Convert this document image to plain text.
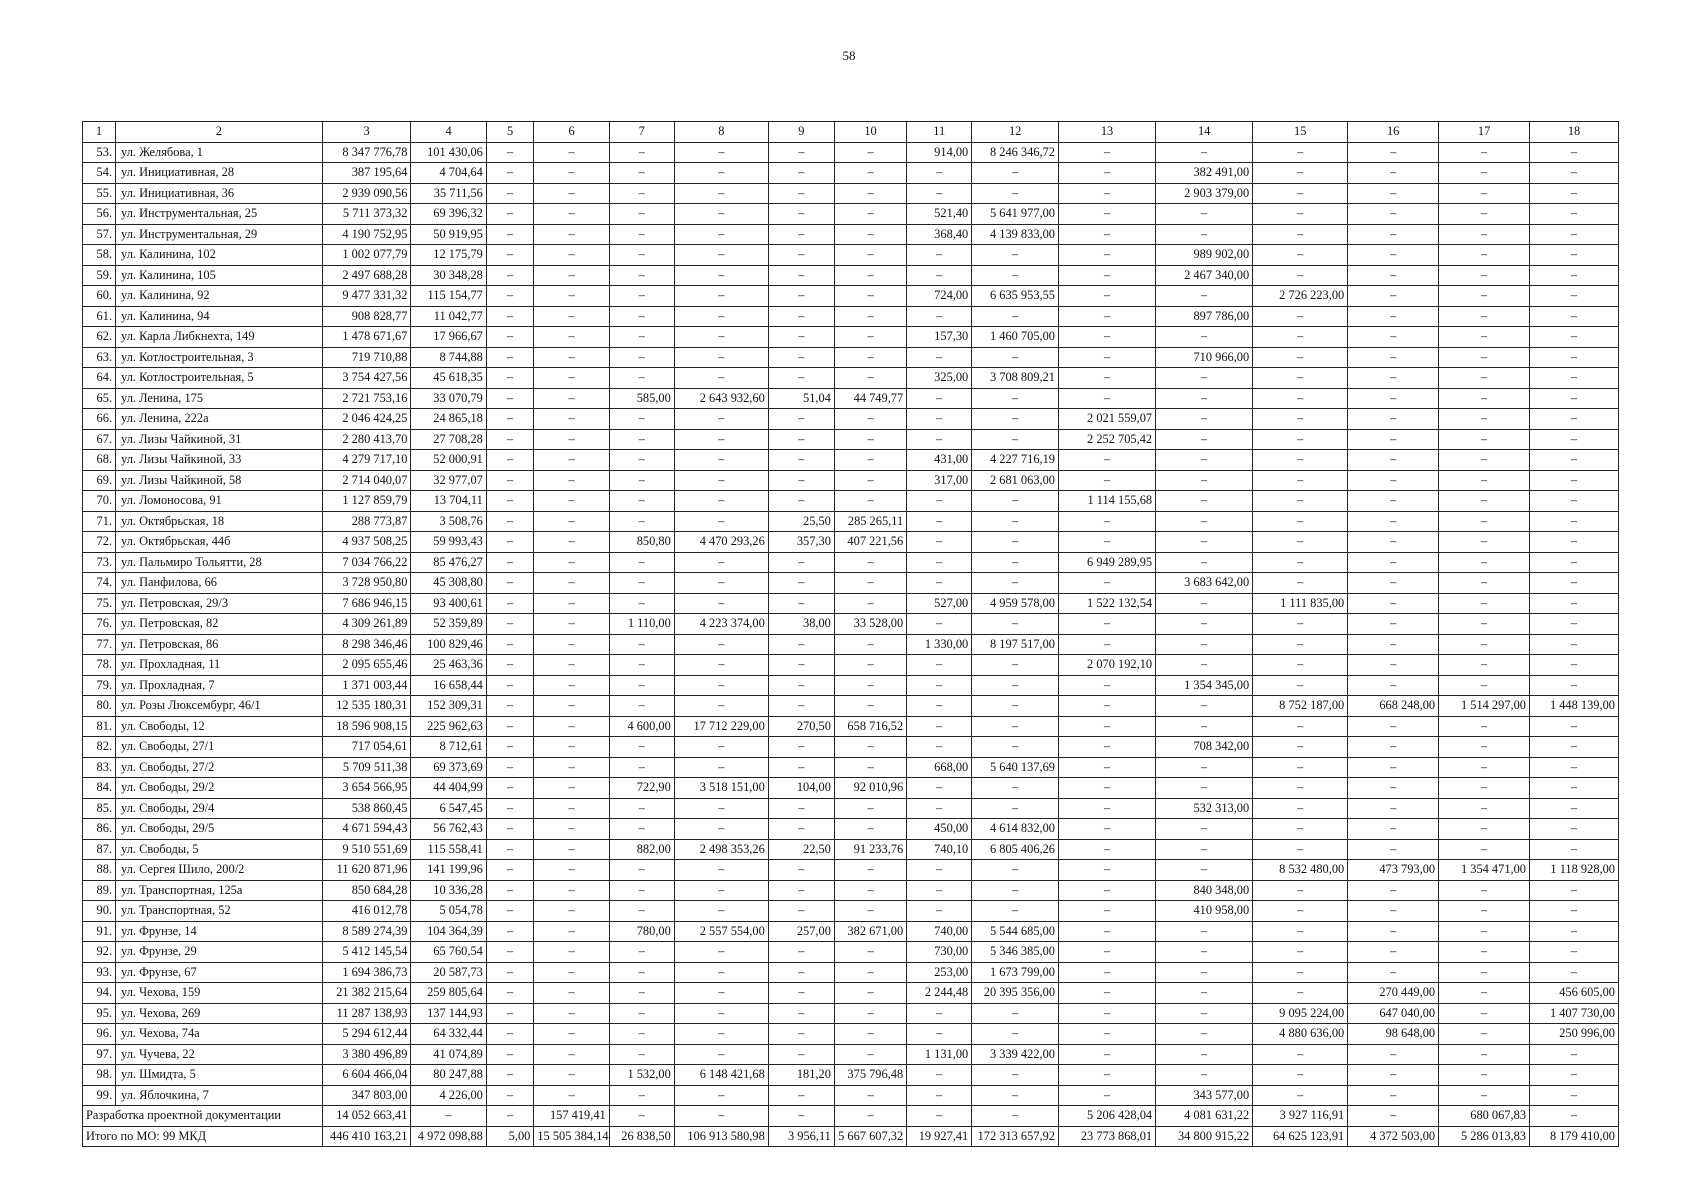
58
1	2	3	4	5	6	7	8	9	10	11	12	13	14	15	16	17	18
53.	ул. Желябова, 1	8 347 776,78	101 430,06	–	–	–	–	–	–	914,00	8 246 346,72	–	–	–	–	–	–
54.	ул. Инициативная, 28	387 195,64	4 704,64	–	–	–	–	–	–	–	–	–	382 491,00	–	–	–	–
55.	ул. Инициативная, 36	2 939 090,56	35 711,56	–	–	–	–	–	–	–	–	–	2 903 379,00	–	–	–	–
56.	ул. Инструментальная, 25	5 711 373,32	69 396,32	–	–	–	–	–	–	521,40	5 641 977,00	–	–	–	–	–	–
57.	ул. Инструментальная, 29	4 190 752,95	50 919,95	–	–	–	–	–	–	368,40	4 139 833,00	–	–	–	–	–	–
58.	ул. Калинина, 102	1 002 077,79	12 175,79	–	–	–	–	–	–	–	–	–	989 902,00	–	–	–	–
59.	ул. Калинина, 105	2 497 688,28	30 348,28	–	–	–	–	–	–	–	–	–	2 467 340,00	–	–	–	–
60.	ул. Калинина, 92	9 477 331,32	115 154,77	–	–	–	–	–	–	724,00	6 635 953,55	–	–	2 726 223,00	–	–	–
61.	ул. Калинина, 94	908 828,77	11 042,77	–	–	–	–	–	–	–	–	–	897 786,00	–	–	–	–
62.	ул. Карла Либкнехта, 149	1 478 671,67	17 966,67	–	–	–	–	–	–	157,30	1 460 705,00	–	–	–	–	–	–
63.	ул. Котлостроительная, 3	719 710,88	8 744,88	–	–	–	–	–	–	–	–	–	710 966,00	–	–	–	–
64.	ул. Котлостроительная, 5	3 754 427,56	45 618,35	–	–	–	–	–	–	325,00	3 708 809,21	–	–	–	–	–	–
65.	ул. Ленина, 175	2 721 753,16	33 070,79	–	–	585,00	2 643 932,60	51,04	44 749,77	–	–	–	–	–	–	–	–
66.	ул. Ленина, 222а	2 046 424,25	24 865,18	–	–	–	–	–	–	–	–	2 021 559,07	–	–	–	–	–
67.	ул. Лизы Чайкиной, 31	2 280 413,70	27 708,28	–	–	–	–	–	–	–	–	2 252 705,42	–	–	–	–	–
68.	ул. Лизы Чайкиной, 33	4 279 717,10	52 000,91	–	–	–	–	–	–	431,00	4 227 716,19	–	–	–	–	–	–
69.	ул. Лизы Чайкиной, 58	2 714 040,07	32 977,07	–	–	–	–	–	–	317,00	2 681 063,00	–	–	–	–	–	–
70.	ул. Ломоносова, 91	1 127 859,79	13 704,11	–	–	–	–	–	–	–	–	1 114 155,68	–	–	–	–	–
71.	ул. Октябрьская, 18	288 773,87	3 508,76	–	–	–	–	25,50	285 265,11	–	–	–	–	–	–	–	–
72.	ул. Октябрьская, 44б	4 937 508,25	59 993,43	–	–	850,80	4 470 293,26	357,30	407 221,56	–	–	–	–	–	–	–	–
73.	ул. Пальмиро Тольятти, 28	7 034 766,22	85 476,27	–	–	–	–	–	–	–	–	6 949 289,95	–	–	–	–	–
74.	ул. Панфилова, 66	3 728 950,80	45 308,80	–	–	–	–	–	–	–	–	–	3 683 642,00	–	–	–	–
75.	ул. Петровская, 29/3	7 686 946,15	93 400,61	–	–	–	–	–	–	527,00	4 959 578,00	1 522 132,54	–	1 111 835,00	–	–	–
76.	ул. Петровская, 82	4 309 261,89	52 359,89	–	–	1 110,00	4 223 374,00	38,00	33 528,00	–	–	–	–	–	–	–	–
77.	ул. Петровская, 86	8 298 346,46	100 829,46	–	–	–	–	–	–	1 330,00	8 197 517,00	–	–	–	–	–	–
78.	ул. Прохладная, 11	2 095 655,46	25 463,36	–	–	–	–	–	–	–	–	2 070 192,10	–	–	–	–	–
79.	ул. Прохладная, 7	1 371 003,44	16 658,44	–	–	–	–	–	–	–	–	–	1 354 345,00	–	–	–	–
80.	ул. Розы Люксембург, 46/1	12 535 180,31	152 309,31	–	–	–	–	–	–	–	–	–	–	8 752 187,00	668 248,00	1 514 297,00	1 448 139,00
81.	ул. Свободы, 12	18 596 908,15	225 962,63	–	–	4 600,00	17 712 229,00	270,50	658 716,52	–	–	–	–	–	–	–	–
82.	ул. Свободы, 27/1	717 054,61	8 712,61	–	–	–	–	–	–	–	–	–	708 342,00	–	–	–	–
83.	ул. Свободы, 27/2	5 709 511,38	69 373,69	–	–	–	–	–	–	668,00	5 640 137,69	–	–	–	–	–	–
84.	ул. Свободы, 29/2	3 654 566,95	44 404,99	–	–	722,90	3 518 151,00	104,00	92 010,96	–	–	–	–	–	–	–	–
85.	ул. Свободы, 29/4	538 860,45	6 547,45	–	–	–	–	–	–	–	–	–	532 313,00	–	–	–	–
86.	ул. Свободы, 29/5	4 671 594,43	56 762,43	–	–	–	–	–	–	450,00	4 614 832,00	–	–	–	–	–	–
87.	ул. Свободы, 5	9 510 551,69	115 558,41	–	–	882,00	2 498 353,26	22,50	91 233,76	740,10	6 805 406,26	–	–	–	–	–	–
88.	ул. Сергея Шило, 200/2	11 620 871,96	141 199,96	–	–	–	–	–	–	–	–	–	–	8 532 480,00	473 793,00	1 354 471,00	1 118 928,00
89.	ул. Транспортная, 125а	850 684,28	10 336,28	–	–	–	–	–	–	–	–	–	840 348,00	–	–	–	–
90.	ул. Транспортная, 52	416 012,78	5 054,78	–	–	–	–	–	–	–	–	–	410 958,00	–	–	–	–
91.	ул. Фрунзе, 14	8 589 274,39	104 364,39	–	–	780,00	2 557 554,00	257,00	382 671,00	740,00	5 544 685,00	–	–	–	–	–	–
92.	ул. Фрунзе, 29	5 412 145,54	65 760,54	–	–	–	–	–	–	730,00	5 346 385,00	–	–	–	–	–	–
93.	ул. Фрунзе, 67	1 694 386,73	20 587,73	–	–	–	–	–	–	253,00	1 673 799,00	–	–	–	–	–	–
94.	ул. Чехова, 159	21 382 215,64	259 805,64	–	–	–	–	–	–	2 244,48	20 395 356,00	–	–	–	270 449,00	–	456 605,00
95.	ул. Чехова, 269	11 287 138,93	137 144,93	–	–	–	–	–	–	–	–	–	–	9 095 224,00	647 040,00	–	1 407 730,00
96.	ул. Чехова, 74а	5 294 612,44	64 332,44	–	–	–	–	–	–	–	–	–	–	4 880 636,00	98 648,00	–	250 996,00
97.	ул. Чучева, 22	3 380 496,89	41 074,89	–	–	–	–	–	–	1 131,00	3 339 422,00	–	–	–	–	–	–
98.	ул. Шмидта, 5	6 604 466,04	80 247,88	–	–	1 532,00	6 148 421,68	181,20	375 796,48	–	–	–	–	–	–	–	–
99.	ул. Яблочкина, 7	347 803,00	4 226,00	–	–	–	–	–	–	–	–	–	343 577,00	–	–	–	–
Разработка проектной документации		14 052 663,41	–	–	157 419,41	–	–	–	–	–	–	5 206 428,04	4 081 631,22	3 927 116,91	–	680 067,83	–
Итого по МО: 99 МКД		446 410 163,21	4 972 098,88	5,00	15 505 384,14	26 838,50	106 913 580,98	3 956,11	5 667 607,32	19 927,41	172 313 657,92	23 773 868,01	34 800 915,22	64 625 123,91	4 372 503,00	5 286 013,83	8 179 410,00
